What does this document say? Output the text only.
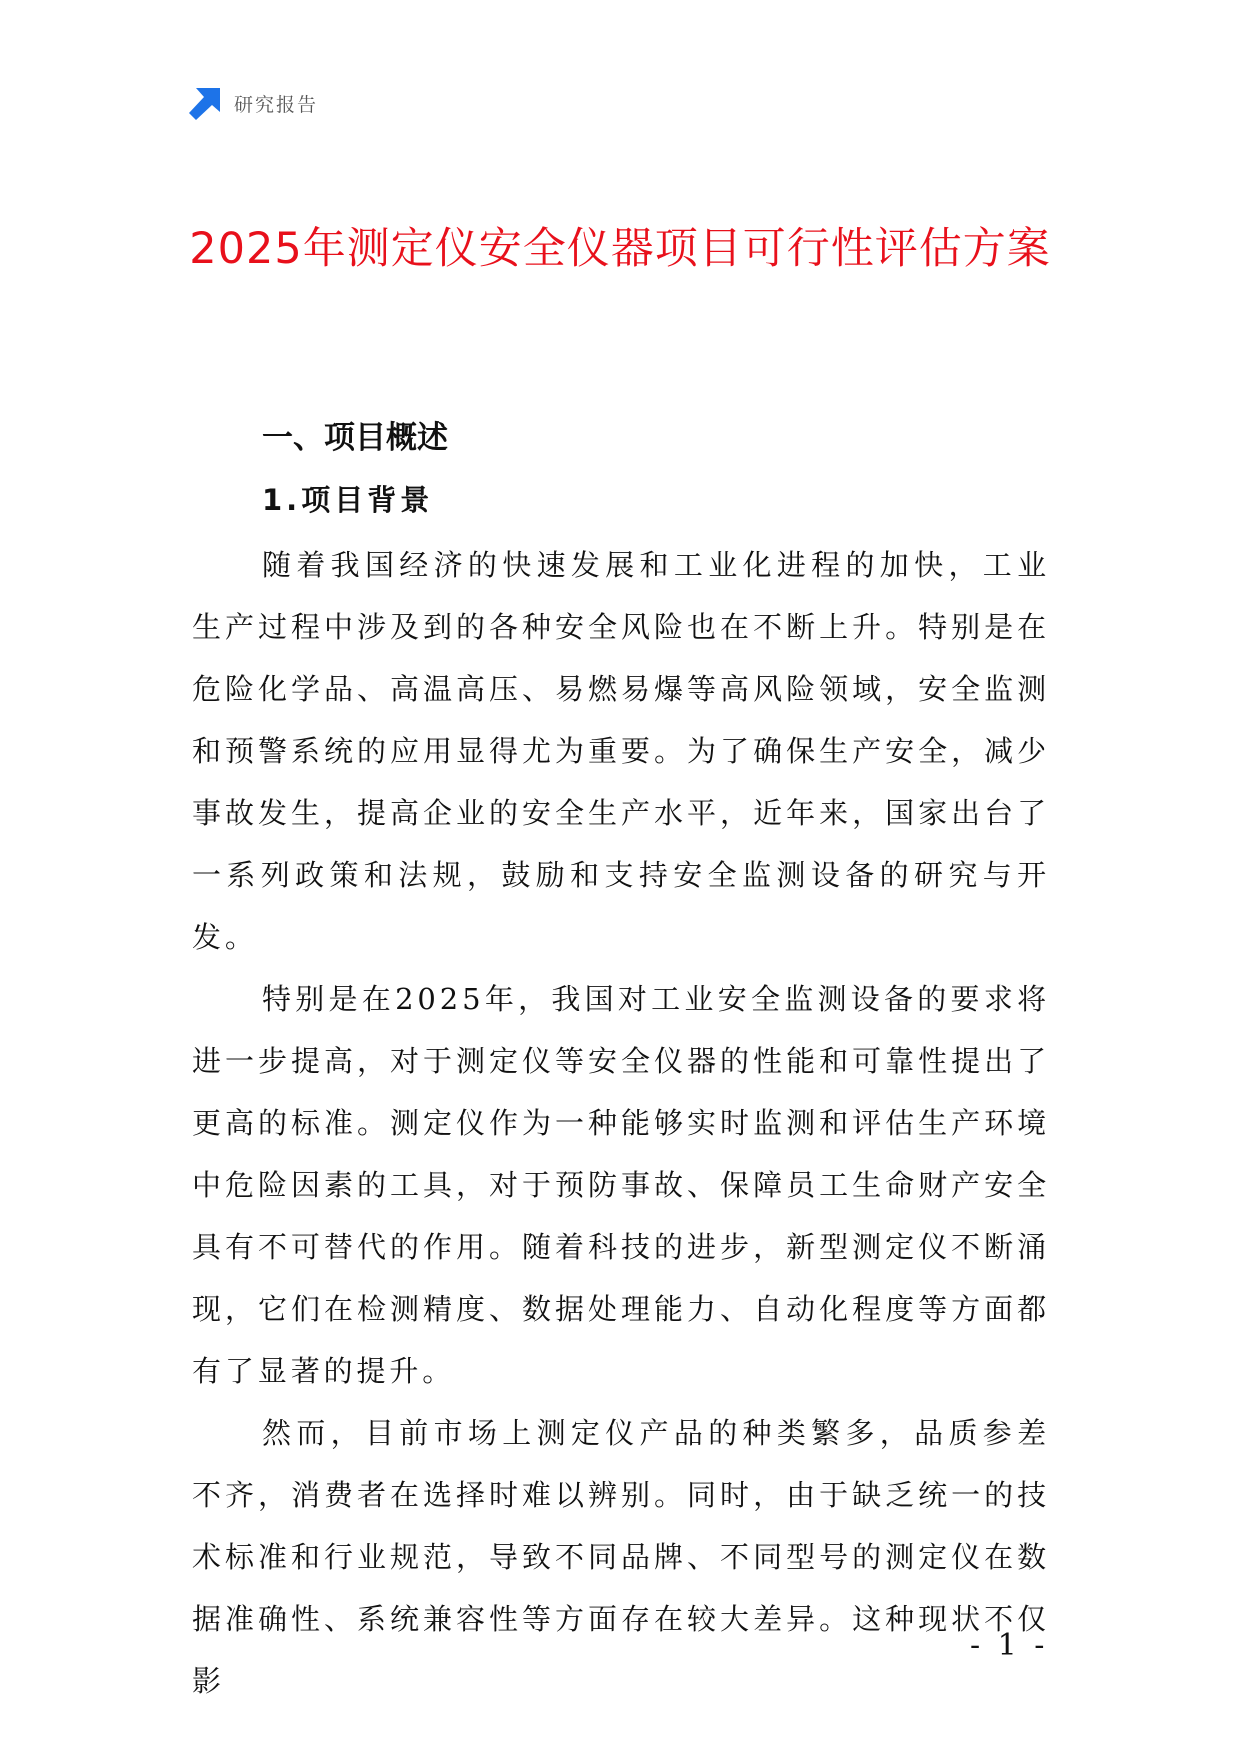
研究报告
2025年测定仪安全仪器项目可行性评估方案
一、项目概述
1.项目背景

随着我国经济的快速发展和工业化进程的加快，工业生产过程中涉及到的各种安全风险也在不断上升。特别是在危险化学品、高温高压、易燃易爆等高风险领域，安全监测和预警系统的应用显得尤为重要。为了确保生产安全，减少事故发生，提高企业的安全生产水平，近年来，国家出台了一系列政策和法规，鼓励和支持安全监测设备的研究与开发。

特别是在2025年，我国对工业安全监测设备的要求将进一步提高，对于测定仪等安全仪器的性能和可靠性提出了更高的标准。测定仪作为一种能够实时监测和评估生产环境中危险因素的工具，对于预防事故、保障员工生命财产安全具有不可替代的作用。随着科技的进步，新型测定仪不断涌现，它们在检测精度、数据处理能力、自动化程度等方面都有了显著的提升。

然而，目前市场上测定仪产品的种类繁多，品质参差不齐，消费者在选择时难以辨别。同时，由于缺乏统一的技术标准和行业规范，导致不同品牌、不同型号的测定仪在数据准确性、系统兼容性等方面存在较大差异。这种现状不仅影

- 1 -
